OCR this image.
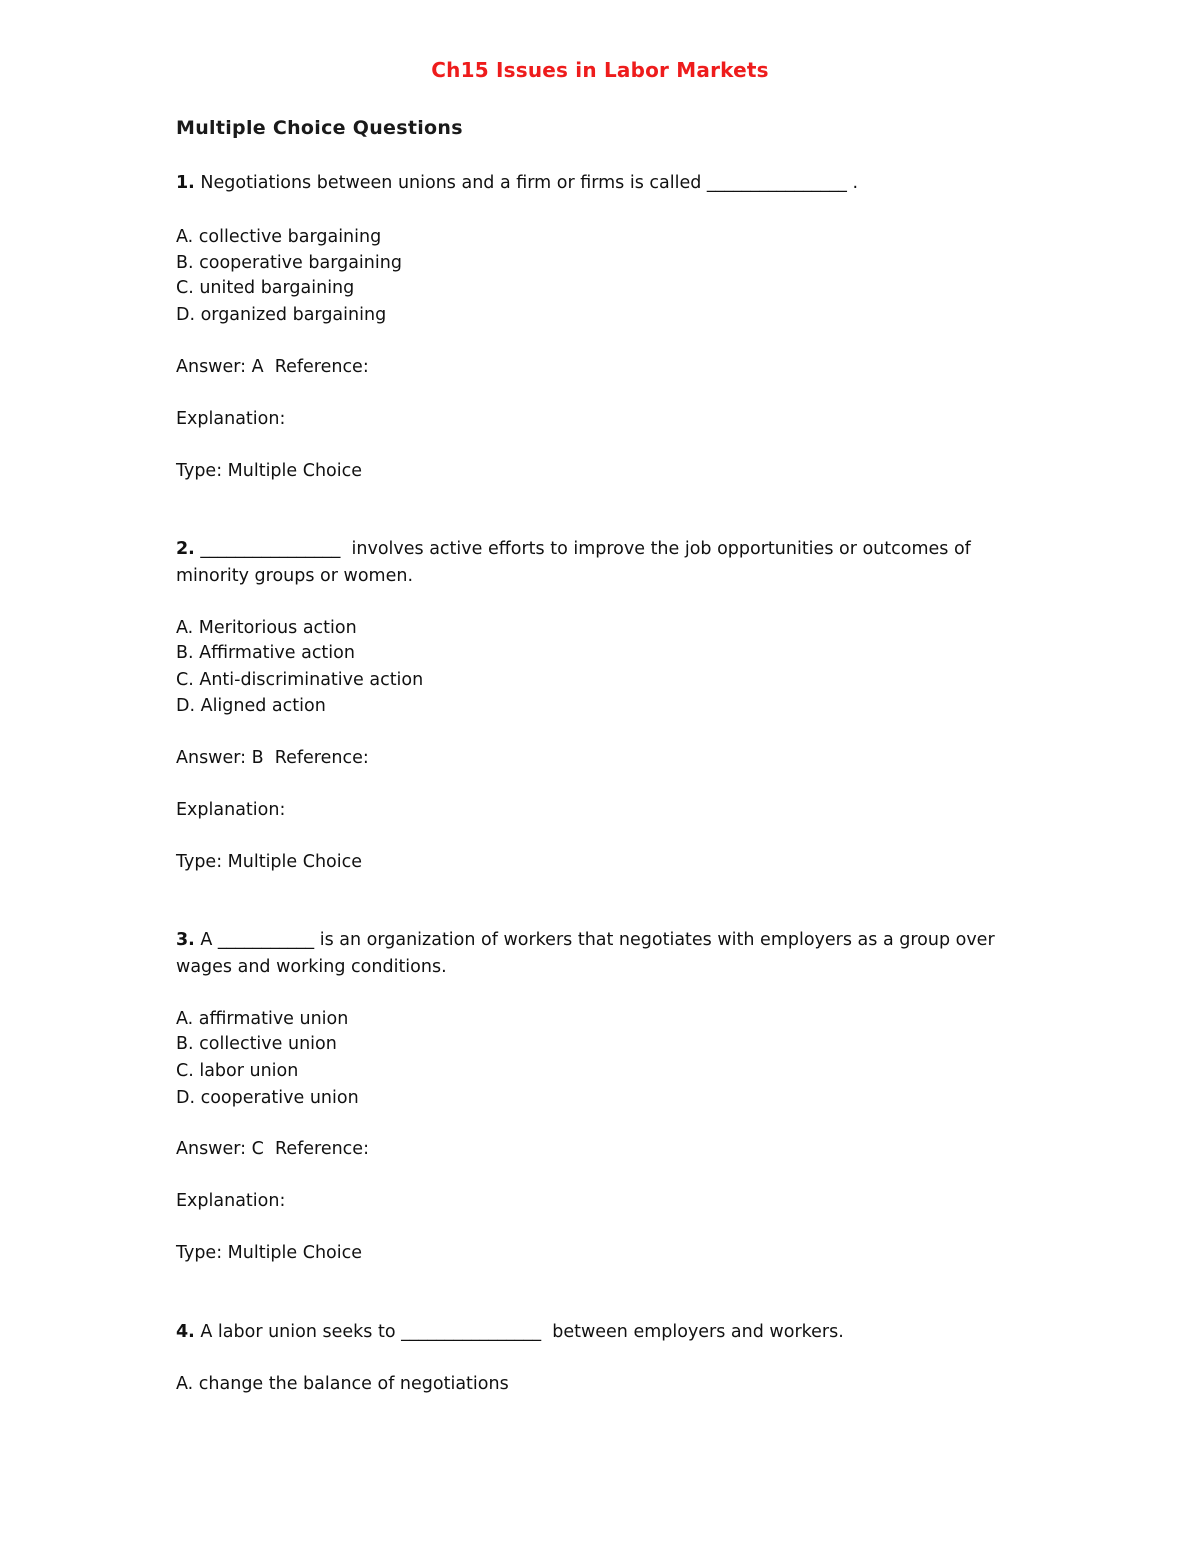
Ch15 Issues in Labor Markets
Multiple Choice Questions
1. Negotiations between unions and a firm or firms is called ________________ .
A. collective bargaining
B. cooperative bargaining
C. united bargaining
D. organized bargaining
Answer: A  Reference:
Explanation:
Type: Multiple Choice
2. ________________  involves active efforts to improve the job opportunities or outcomes of
minority groups or women.
A. Meritorious action
B. Affirmative action
C. Anti-discriminative action
D. Aligned action
Answer: B  Reference:
Explanation:
Type: Multiple Choice
3. A ___________ is an organization of workers that negotiates with employers as a group over
wages and working conditions.
A. affirmative union
B. collective union
C. labor union
D. cooperative union
Answer: C  Reference:
Explanation:
Type: Multiple Choice
4. A labor union seeks to ________________  between employers and workers.
A. change the balance of negotiations
